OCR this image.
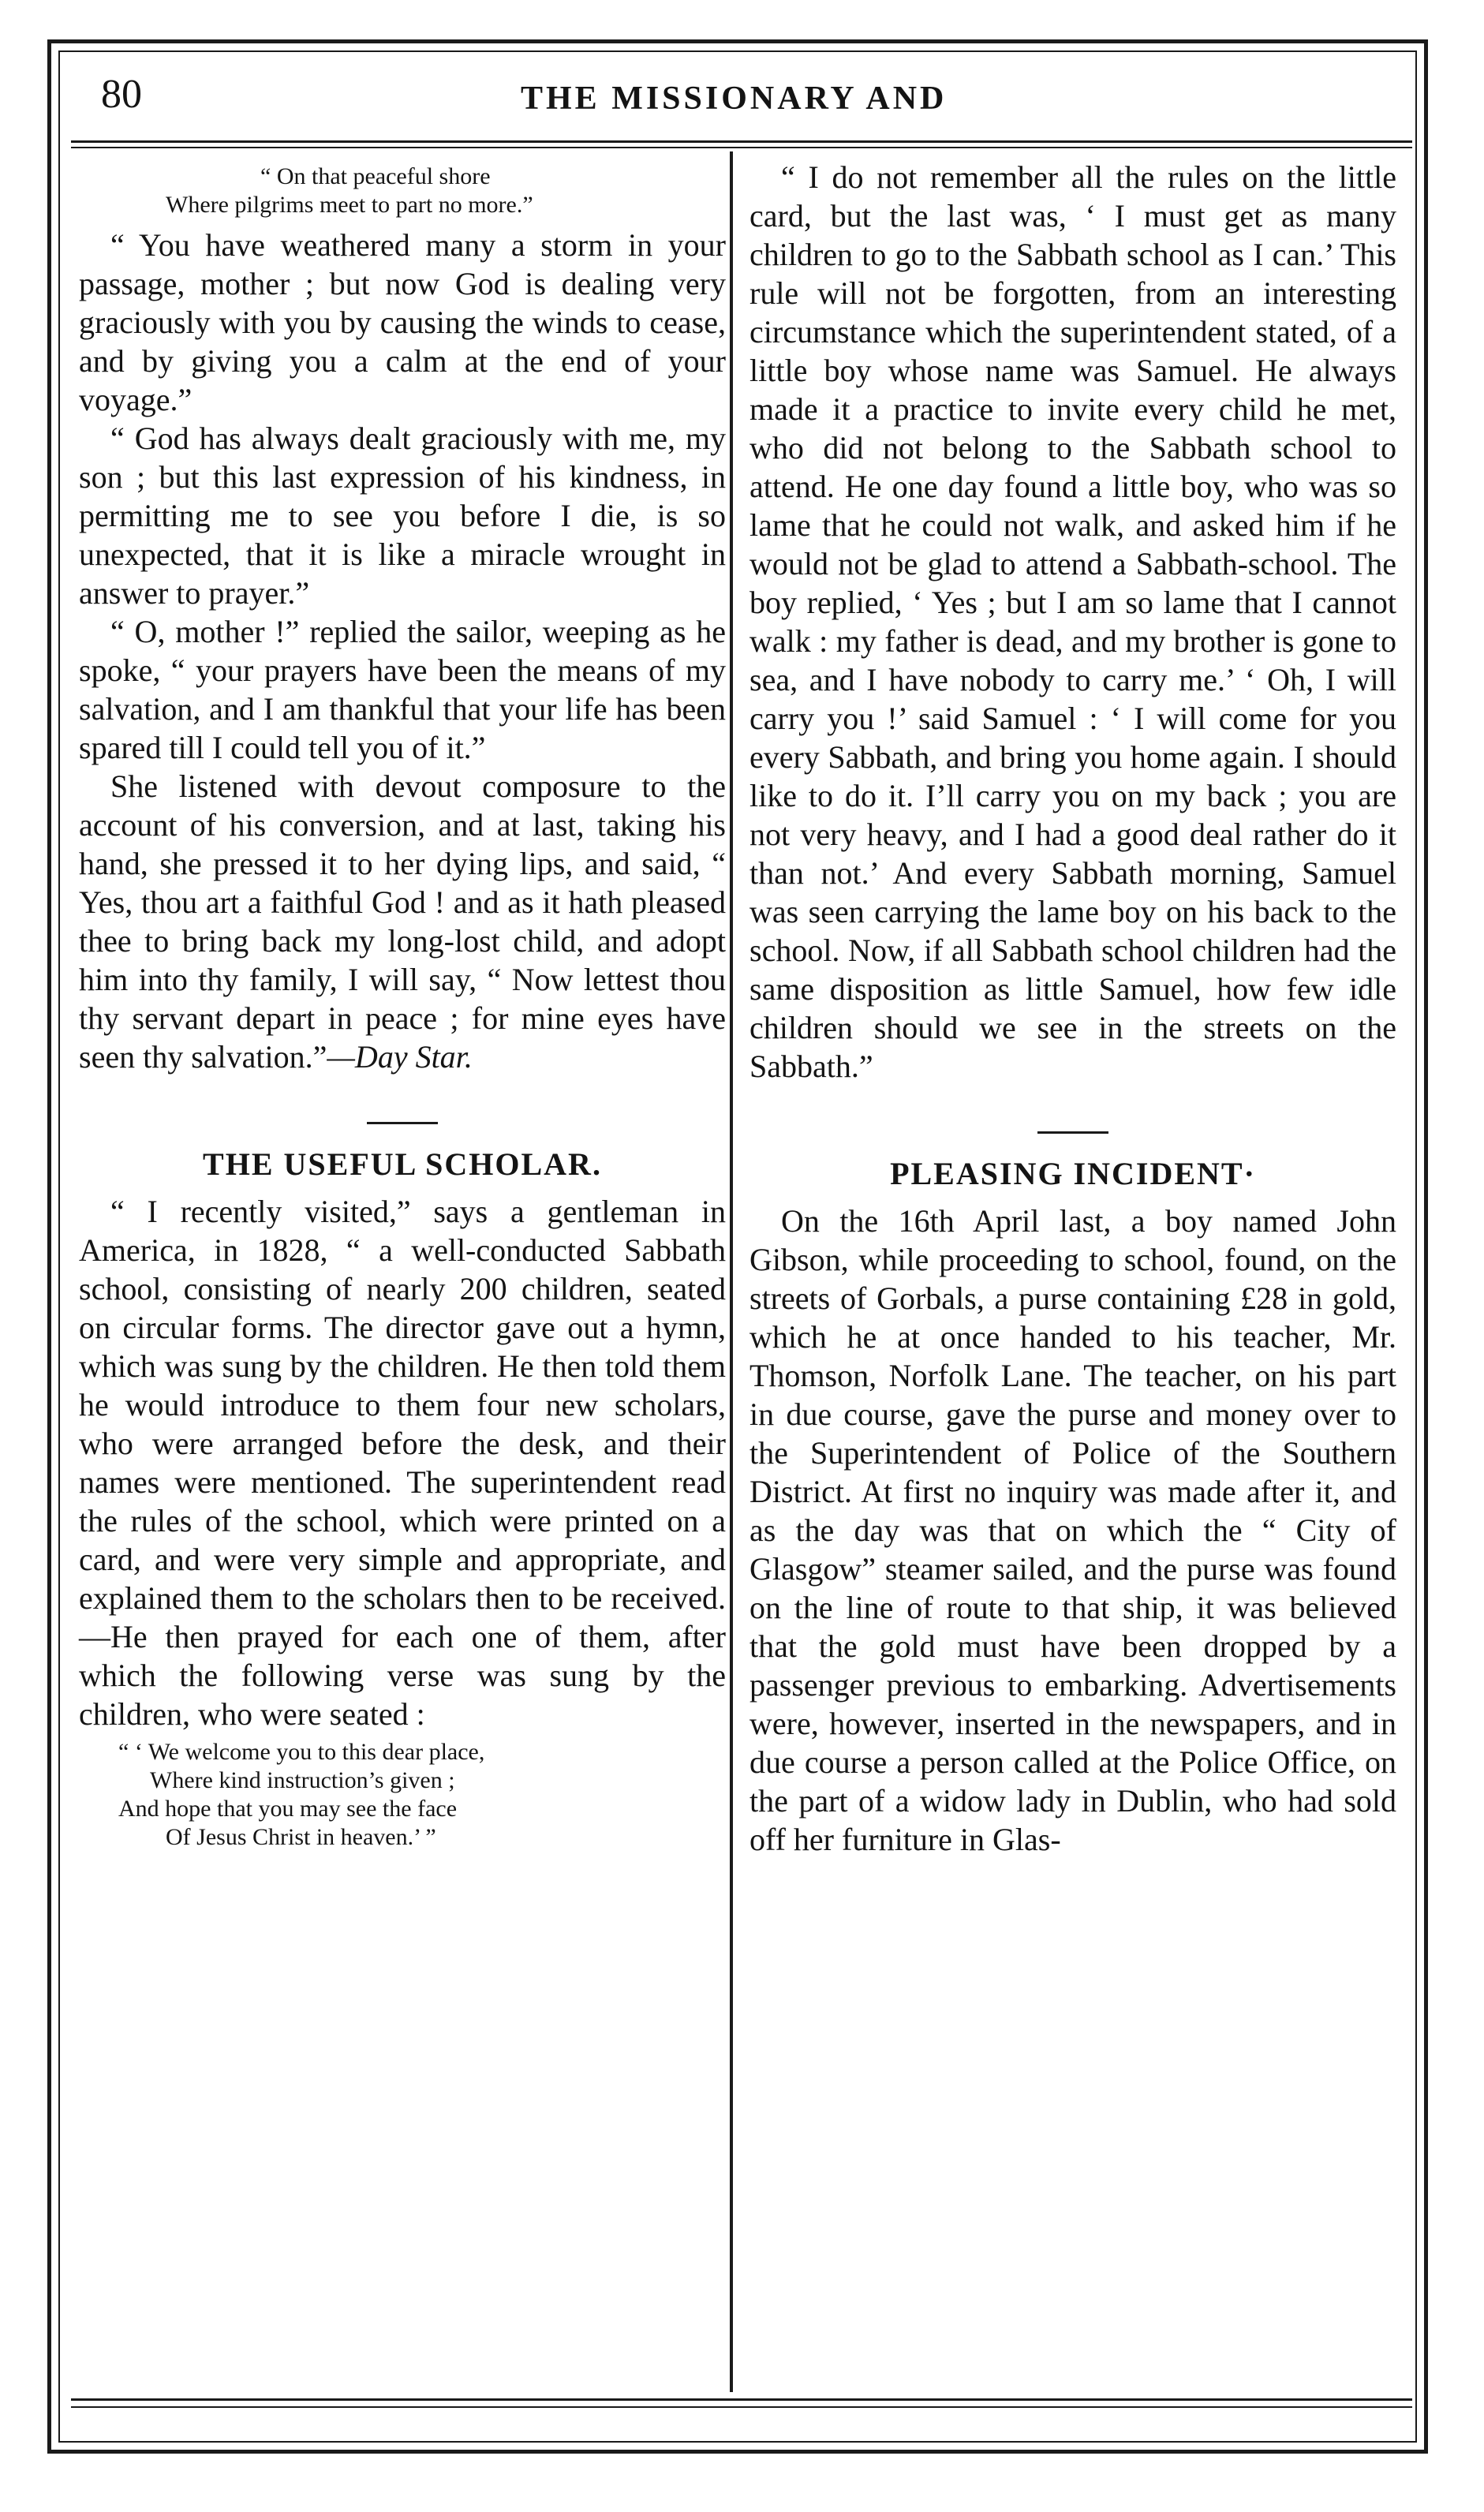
80	THE MISSIONARY AND
“ On that peaceful shore
Where pilgrims meet to part no more.”

“ You have weathered many a storm in your passage, mother ; but now God is dealing very graciously with you by causing the winds to cease, and by giving you a calm at the end of your voyage.”

“ God has always dealt graciously with me, my son ; but this last expression of his kindness, in permitting me to see you before I die, is so unexpected, that it is like a miracle wrought in answer to prayer.”

“ O, mother !” replied the sailor, weeping as he spoke, “ your prayers have been the means of my salvation, and I am thankful that your life has been spared till I could tell you of it.”

She listened with devout composure to the account of his conversion, and at last, taking his hand, she pressed it to her dying lips, and said, “ Yes, thou art a faithful God ! and as it hath pleased thee to bring back my long-lost child, and adopt him into thy family, I will say, “ Now lettest thou thy servant depart in peace ; for mine eyes have seen thy salvation.”—Day Star.

THE USEFUL SCHOLAR.

“ I recently visited,” says a gentleman in America, in 1828, “ a well-conducted Sabbath school, consisting of nearly 200 children, seated on circular forms. The director gave out a hymn, which was sung by the children. He then told them he would introduce to them four new scholars, who were arranged before the desk, and their names were mentioned. The superintendent read the rules of the school, which were printed on a card, and were very simple and appropriate, and explained them to the scholars then to be received.—He then prayed for each one of them, after which the following verse was sung by the children, who were seated :

“ ‘ We welcome you to this dear place,
Where kind instruction’s given ;
And hope that you may see the face
Of Jesus Christ in heaven.’ ”

“ I do not remember all the rules on the little card, but the last was, ‘ I must get as many children to go to the Sabbath school as I can.’ This rule will not be forgotten, from an interesting circumstance which the superintendent stated, of a little boy whose name was Samuel. He always made it a practice to invite every child he met, who did not belong to the Sabbath school to attend. He one day found a little boy, who was so lame that he could not walk, and asked him if he would not be glad to attend a Sabbath-school. The boy replied, ‘ Yes ; but I am so lame that I cannot walk : my father is dead, and my brother is gone to sea, and I have nobody to carry me.’ ‘ Oh, I will carry you !’ said Samuel : ‘ I will come for you every Sabbath, and bring you home again. I should like to do it. I’ll carry you on my back ; you are not very heavy, and I had a good deal rather do it than not.’ And every Sabbath morning, Samuel was seen carrying the lame boy on his back to the school. Now, if all Sabbath school children had the same disposition as little Samuel, how few idle children should we see in the streets on the Sabbath.”

PLEASING INCIDENT·

On the 16th April last, a boy named John Gibson, while proceeding to school, found, on the streets of Gorbals, a purse containing £28 in gold, which he at once handed to his teacher, Mr. Thomson, Norfolk Lane. The teacher, on his part in due course, gave the purse and money over to the Superintendent of Police of the Southern District. At first no inquiry was made after it, and as the day was that on which the “ City of Glasgow” steamer sailed, and the purse was found on the line of route to that ship, it was believed that the gold must have been dropped by a passenger previous to embarking. Advertisements were, however, inserted in the newspapers, and in due course a person called at the Police Office, on the part of a widow lady in Dublin, who had sold off her furniture in Glas-
